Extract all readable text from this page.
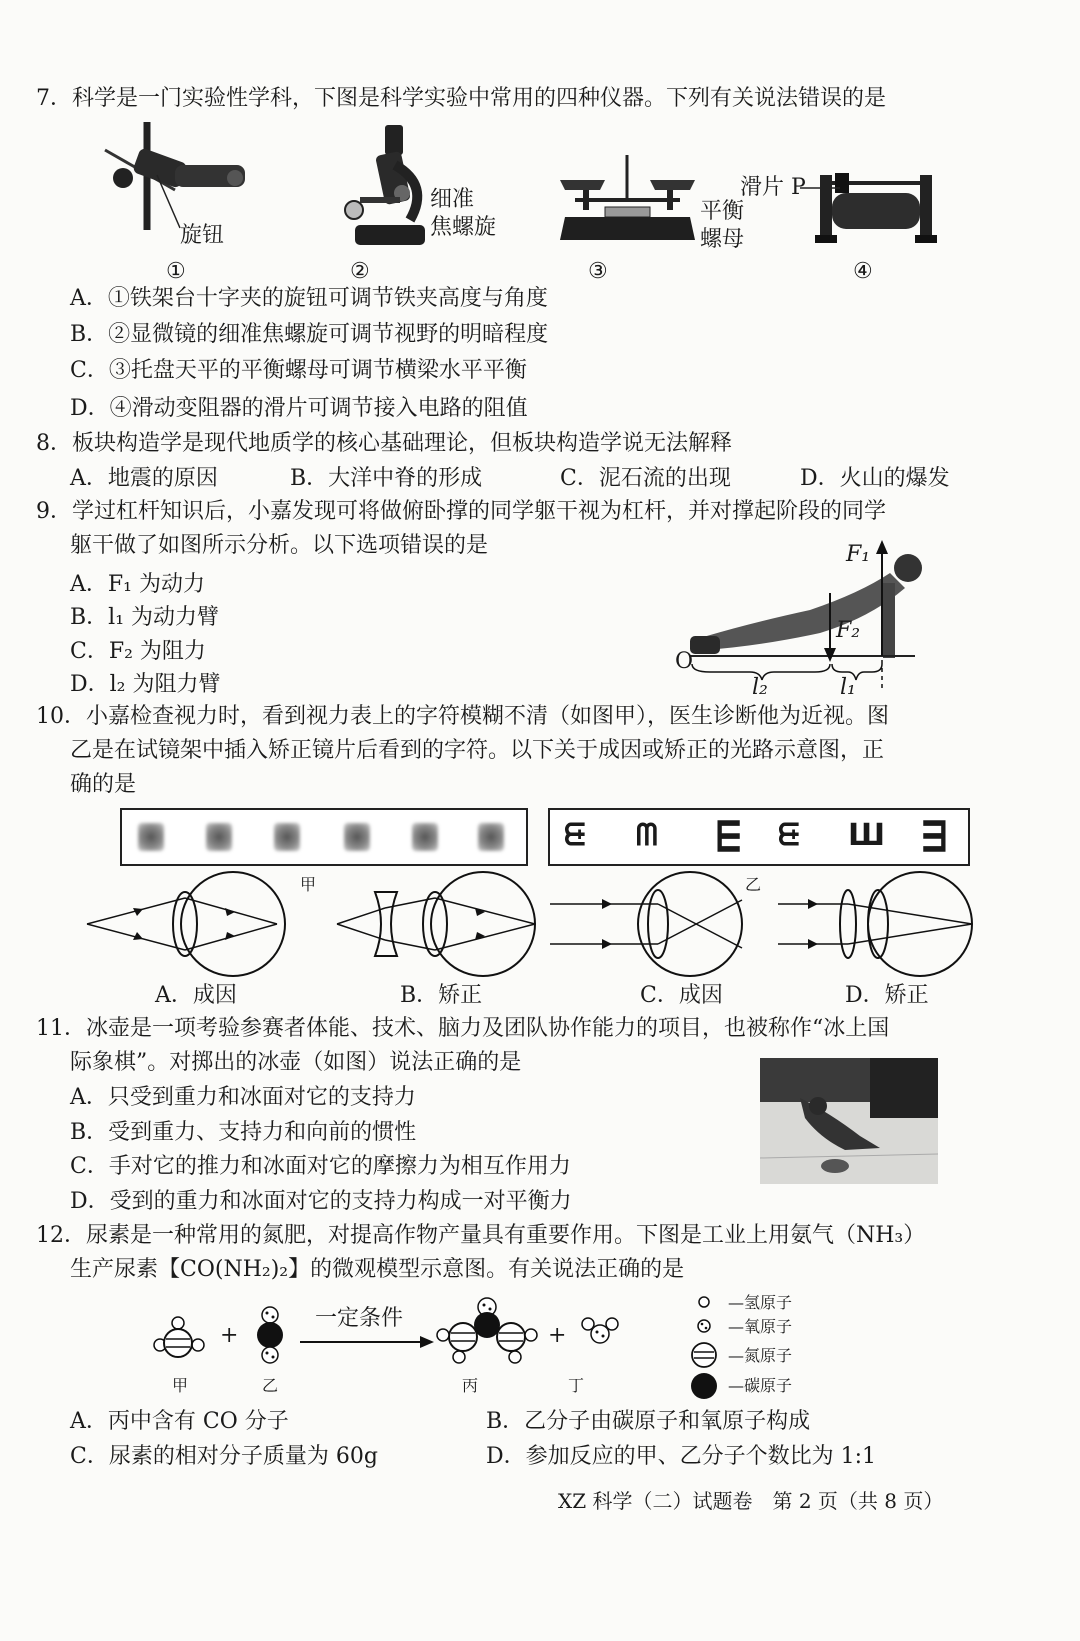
7．科学是一门实验性学科，下图是科学实验中常用的四种仪器。下列有关说法错误的是
旋钮
①
细准
焦螺旋
②
平衡
螺母
③
滑片 P
④
A．①铁架台十字夹的旋钮可调节铁夹高度与角度
B．②显微镜的细准焦螺旋可调节视野的明暗程度
C．③托盘天平的平衡螺母可调节横梁水平平衡
D．④滑动变阻器的滑片可调节接入电路的阻值
8．板块构造学是现代地质学的核心基础理论，但板块构造学说无法解释
A．地震的原因	B．大洋中脊的形成	C．泥石流的出现	D．火山的爆发
9．学过杠杆知识后，小嘉发现可将做俯卧撑的同学躯干视为杠杆，并对撑起阶段的同学
躯干做了如图所示分析。以下选项错误的是
A．F₁ 为动力
B．l₁ 为动力臂
C．F₂ 为阻力
D．l₂ 为阻力臂
F₁
F₂
O
l₂	l₁
10．小嘉检查视力时，看到视力表上的字符模糊不清（如图甲），医生诊断他为近视。图
乙是在试镜架中插入矫正镜片后看到的字符。以下关于成因或矫正的光路示意图，正
确的是
ᗲ ᗰ Ш ᗲ Ш Ш
甲	乙
A．成因	B．矫正	C．成因	D．矫正
11．冰壶是一项考验参赛者体能、技术、脑力及团队协作能力的项目，也被称作“冰上国
际象棋”。对掷出的冰壶（如图）说法正确的是
A．只受到重力和冰面对它的支持力
B．受到重力、支持力和向前的惯性
C．手对它的推力和冰面对它的摩擦力为相互作用力
D．受到的重力和冰面对它的支持力构成一对平衡力
12．尿素是一种常用的氮肥，对提高作物产量具有重要作用。下图是工业上用氨气（NH₃）
生产尿素【CO(NH₂)₂】的微观模型示意图。有关说法正确的是
+
一定条件
+
甲	乙	丙	丁
—氢原子
—氧原子
—氮原子
—碳原子
A．丙中含有 CO 分子	B．乙分子由碳原子和氧原子构成
C．尿素的相对分子质量为 60g	D．参加反应的甲、乙分子个数比为 1:1
XZ 科学（二）试题卷　第 2 页（共 8 页）
